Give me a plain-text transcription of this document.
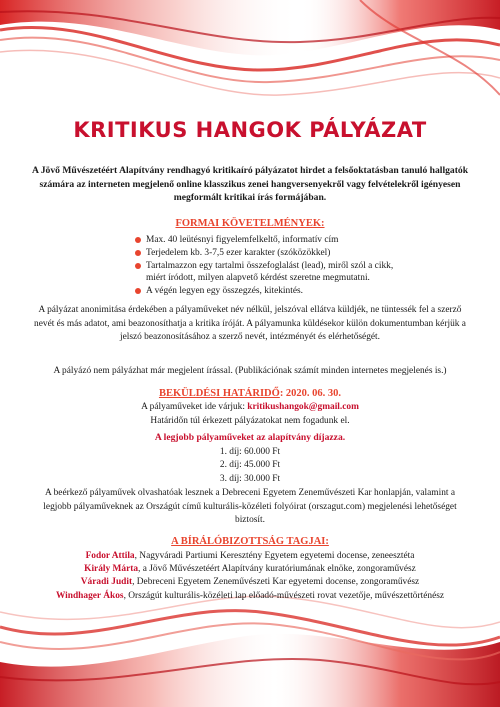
KRITIKUS HANGOK PÁLYÁZAT

A Jövő Művészetéért Alapítvány rendhagyó kritikaíró pályázatot hirdet a felsőoktatásban tanuló hallgatók számára az interneten megjelenő online klasszikus zenei hangversenyekről vagy felvételekről igényesen megformált kritikai írás formájában.

FORMAI KÖVETELMÉNYEK:

Max. 40 leütésnyi figyelemfelkeltő, informatív cím
Terjedelem kb. 3-7,5 ezer karakter (szóközökkel)
Tartalmazzon egy tartalmi összefoglalást (lead), miről szól a cikk, miért íródott, milyen alapvető kérdést szeretne megmutatni.
A végén legyen egy összegzés, kitekintés.

A pályázat anonimitása érdekében a pályaműveket név nélkül, jelszóval ellátva küldjék, ne tüntessék fel a szerző nevét és más adatot, ami beazonosíthatja a kritika íróját. A pályamunka küldésekor külön dokumentumban kérjük a jelszó beazonosításához a szerző nevét, intézményét és elérhetőségét.

A pályázó nem pályázhat már megjelent írással. (Publikációnak számít minden internetes megjelenés is.)

BEKÜLDÉSI HATÁRIDŐ: 2020. 06. 30.

A pályaműveket ide várjuk: kritikushangok@gmail.com
Határidőn túl érkezett pályázatokat nem fogadunk el.

A legjobb pályaműveket az alapítvány díjazza.

1. díj: 60.000 Ft
2. díj: 45.000 Ft
3. díj: 30.000 Ft

A beérkező pályaművek olvashatóak lesznek a Debreceni Egyetem Zeneművészeti Kar honlapján, valamint a legjobb pályaműveknek az Országút című kulturális-közéleti folyóirat (orszagut.com) megjelenési lehetőséget biztosít.

A BÍRÁLÓBIZOTTSÁG TAGJAI:

Fodor Attila, Nagyváradi Partiumi Keresztény Egyetem egyetemi docense, zeneesztéta
Király Márta, a Jövő Művészetéért Alapítvány kuratóriumának elnöke, zongoraművész
Váradi Judit, Debreceni Egyetem Zeneművészeti Kar egyetemi docense, zongoraművész
Windhager Ákos, Országút kulturális-közéleti lap előadó-művészeti rovat vezetője, művészettörténész
